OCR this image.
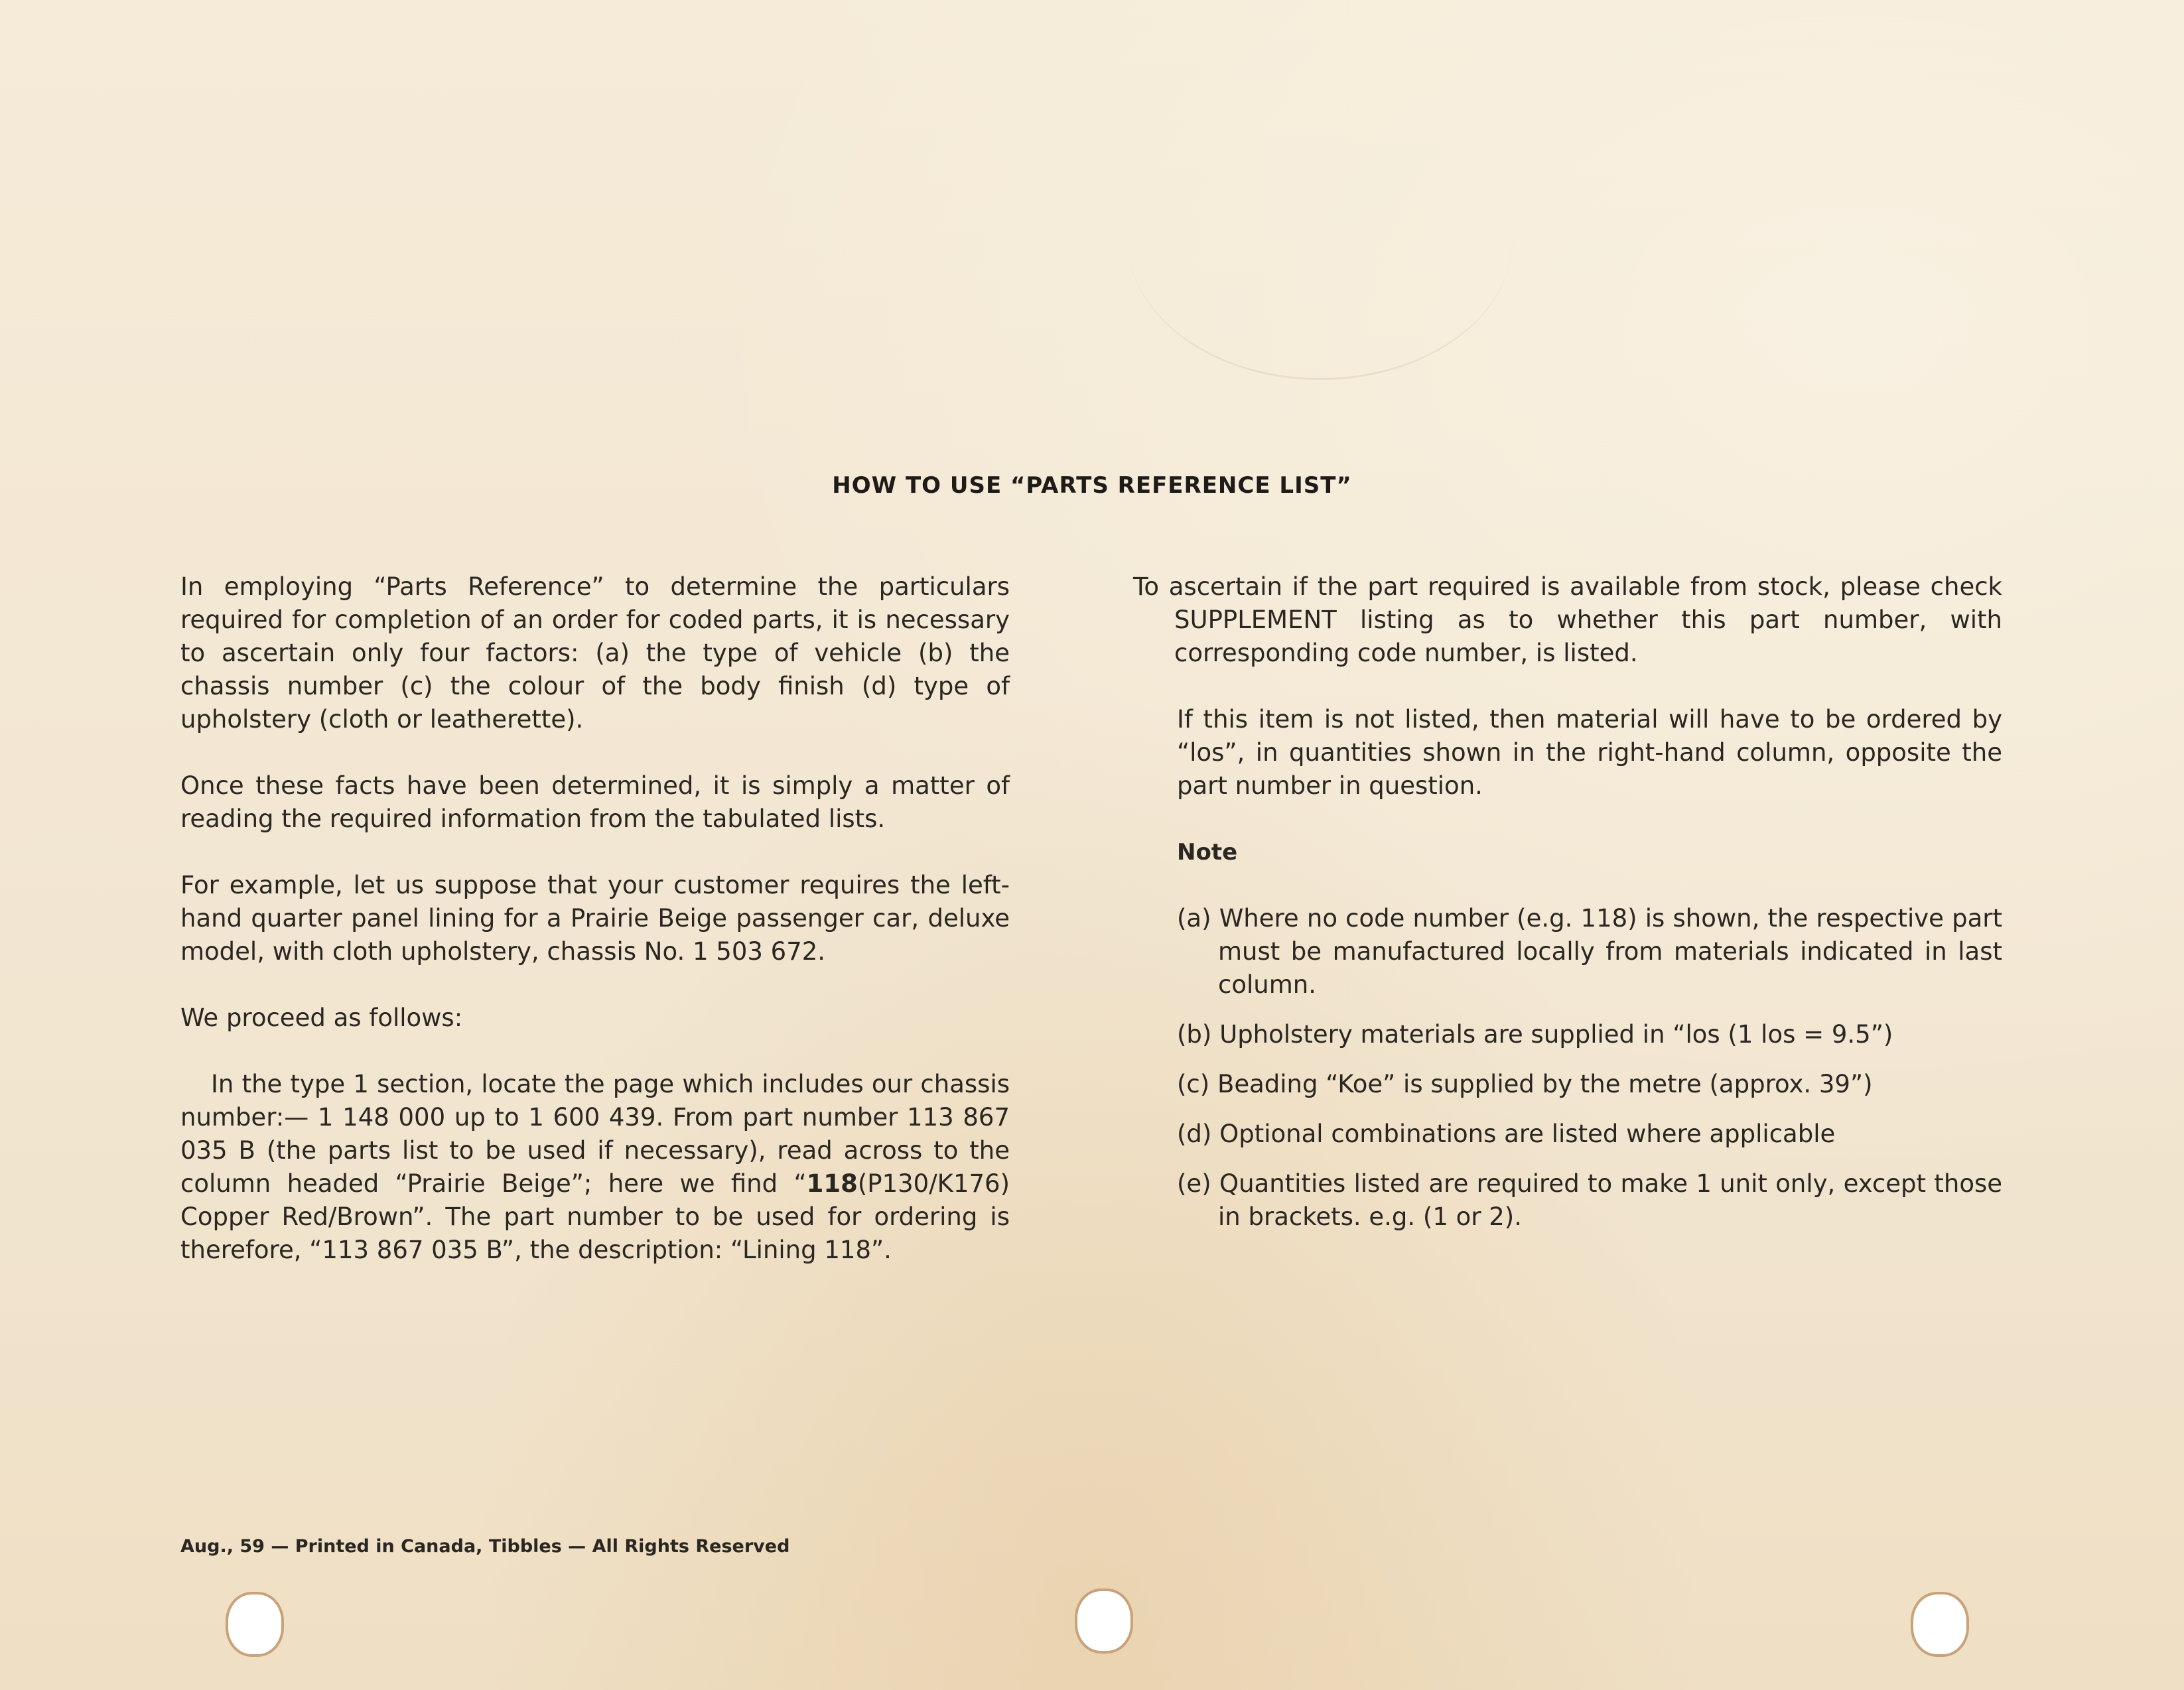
HOW TO USE “PARTS REFERENCE LIST”

In employing “Parts Reference” to determine the particulars required for completion of an order for coded parts, it is necessary to ascertain only four factors: (a) the type of vehicle (b) the chassis number (c) the colour of the body finish (d) type of upholstery (cloth or leatherette).

Once these facts have been determined, it is simply a matter of reading the required information from the tabulated lists.

For example, let us suppose that your customer requires the left-hand quarter panel lining for a Prairie Beige passenger car, deluxe model, with cloth upholstery, chassis No. 1 503 672.

We proceed as follows:

In the type 1 section, locate the page which includes our chassis number:— 1 148 000 up to 1 600 439. From part number 113 867 035 B (the parts list to be used if necessary), read across to the column headed “Prairie Beige”; here we find “118(P130/K176) Copper Red/Brown”. The part number to be used for ordering is therefore, “113 867 035 B”, the description: “Lining 118”.

To ascertain if the part required is available from stock, please check SUPPLEMENT listing as to whether this part number, with corresponding code number, is listed.

If this item is not listed, then material will have to be ordered by “los”, in quantities shown in the right-hand column, opposite the part number in question.

Note

(a) Where no code number (e.g. 118) is shown, the respective part must be manufactured locally from materials indicated in last column.

(b) Upholstery materials are supplied in “los (1 los = 9.5”)

(c) Beading “Koe” is supplied by the metre (approx. 39”)

(d) Optional combinations are listed where applicable

(e) Quantities listed are required to make 1 unit only, except those in brackets. e.g. (1 or 2).

Aug., 59 — Printed in Canada, Tibbles — All Rights Reserved
